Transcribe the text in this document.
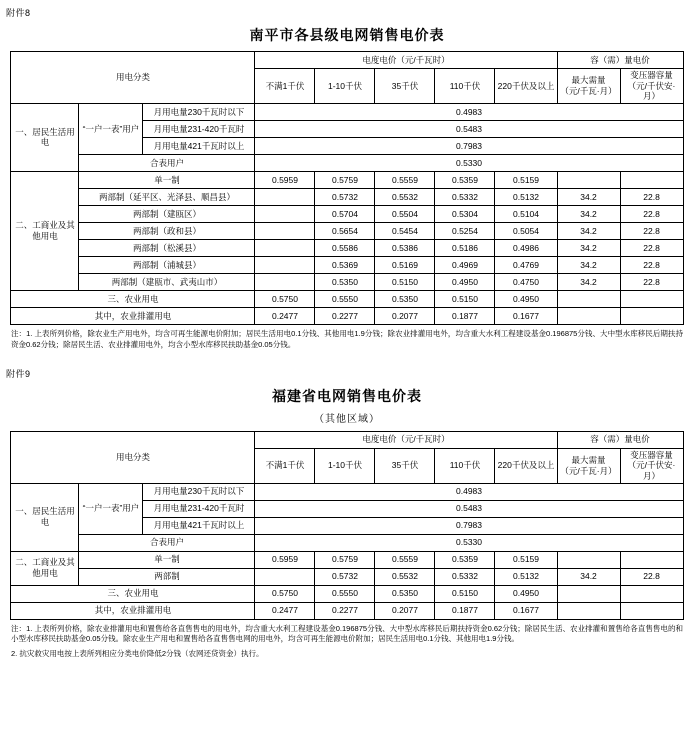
附件8
南平市各县级电网销售电价表
用电分类			电度电价（元/千瓦时）					容（需）量电价	
			不满1千伏	1-10千伏	35千伏	110千伏	220千伏及以上	最大需量
（元/千瓦·月）	变压器容量
（元/千伏安·月）
一、居民生活用电	“一户一表”用户	月用电量230千瓦时以下	0.4983						
		月用电量231-420千瓦时	0.5483						
		月用电量421千瓦时以上	0.7983						
	合表用户		0.5330						
二、工商业及其他用电	单一制		0.5959	0.5759	0.5559	0.5359	0.5159		
	两部制（延平区、光泽县、顺昌县）			0.5732	0.5532	0.5332	0.5132	34.2	22.8
	两部制（建瓯区）			0.5704	0.5504	0.5304	0.5104	34.2	22.8
	两部制（政和县）			0.5654	0.5454	0.5254	0.5054	34.2	22.8
	两部制（松溪县）			0.5586	0.5386	0.5186	0.4986	34.2	22.8
	两部制（浦城县）			0.5369	0.5169	0.4969	0.4769	34.2	22.8
	两部制（建瓯市、武夷山市）			0.5350	0.5150	0.4950	0.4750	34.2	22.8
三、农业用电			0.5750	0.5550	0.5350	0.5150	0.4950		
其中，农业排灌用电			0.2477	0.2277	0.2077	0.1877	0.1677		

注：1. 上表所列价格，除农业生产用电外，均含可再生能源电价附加；居民生活用电0.1分钱、其他用电1.9分钱；除农业排灌用电外，均含重大水利工程建设基金0.196875分钱、大中型水库移民后期扶持资金0.62分钱；除居民生活、农业排灌用电外，均含小型水库移民扶助基金0.05分钱。

附件9
福建省电网销售电价表
（其他区域）
用电分类			电度电价（元/千瓦时）					容（需）量电价	
			不满1千伏	1-10千伏	35千伏	110千伏	220千伏及以上	最大需量
（元/千瓦·月）	变压器容量
（元/千伏安·月）
一、居民生活用电	“一户一表”用户	月用电量230千瓦时以下	0.4983						
		月用电量231-420千瓦时	0.5483						
		月用电量421千瓦时以上	0.7983						
	合表用户		0.5330						
二、工商业及其他用电	单一制		0.5959	0.5759	0.5559	0.5359	0.5159		
	两部制			0.5732	0.5532	0.5332	0.5132	34.2	22.8
三、农业用电			0.5750	0.5550	0.5350	0.5150	0.4950		
其中，农业排灌用电			0.2477	0.2277	0.2077	0.1877	0.1677		

注：1. 上表所列价格，除农业排灌用电和置售给各直售售电的用电外，均含重大水利工程建设基金0.196875分钱、大中型水库移民后期扶持资金0.62分钱；除居民生活、农业排灌和置售给各直售售电的和小型水库移民扶助基金0.05分钱。除农业生产用电和置售给各直售售电网的用电外，均含可再生能源电价附加；居民生活用电0.1分钱、其他用电1.9分钱。

2. 抗灾救灾用电按上表所列相应分类电价降低2分钱（农网还贷资金）执行。
